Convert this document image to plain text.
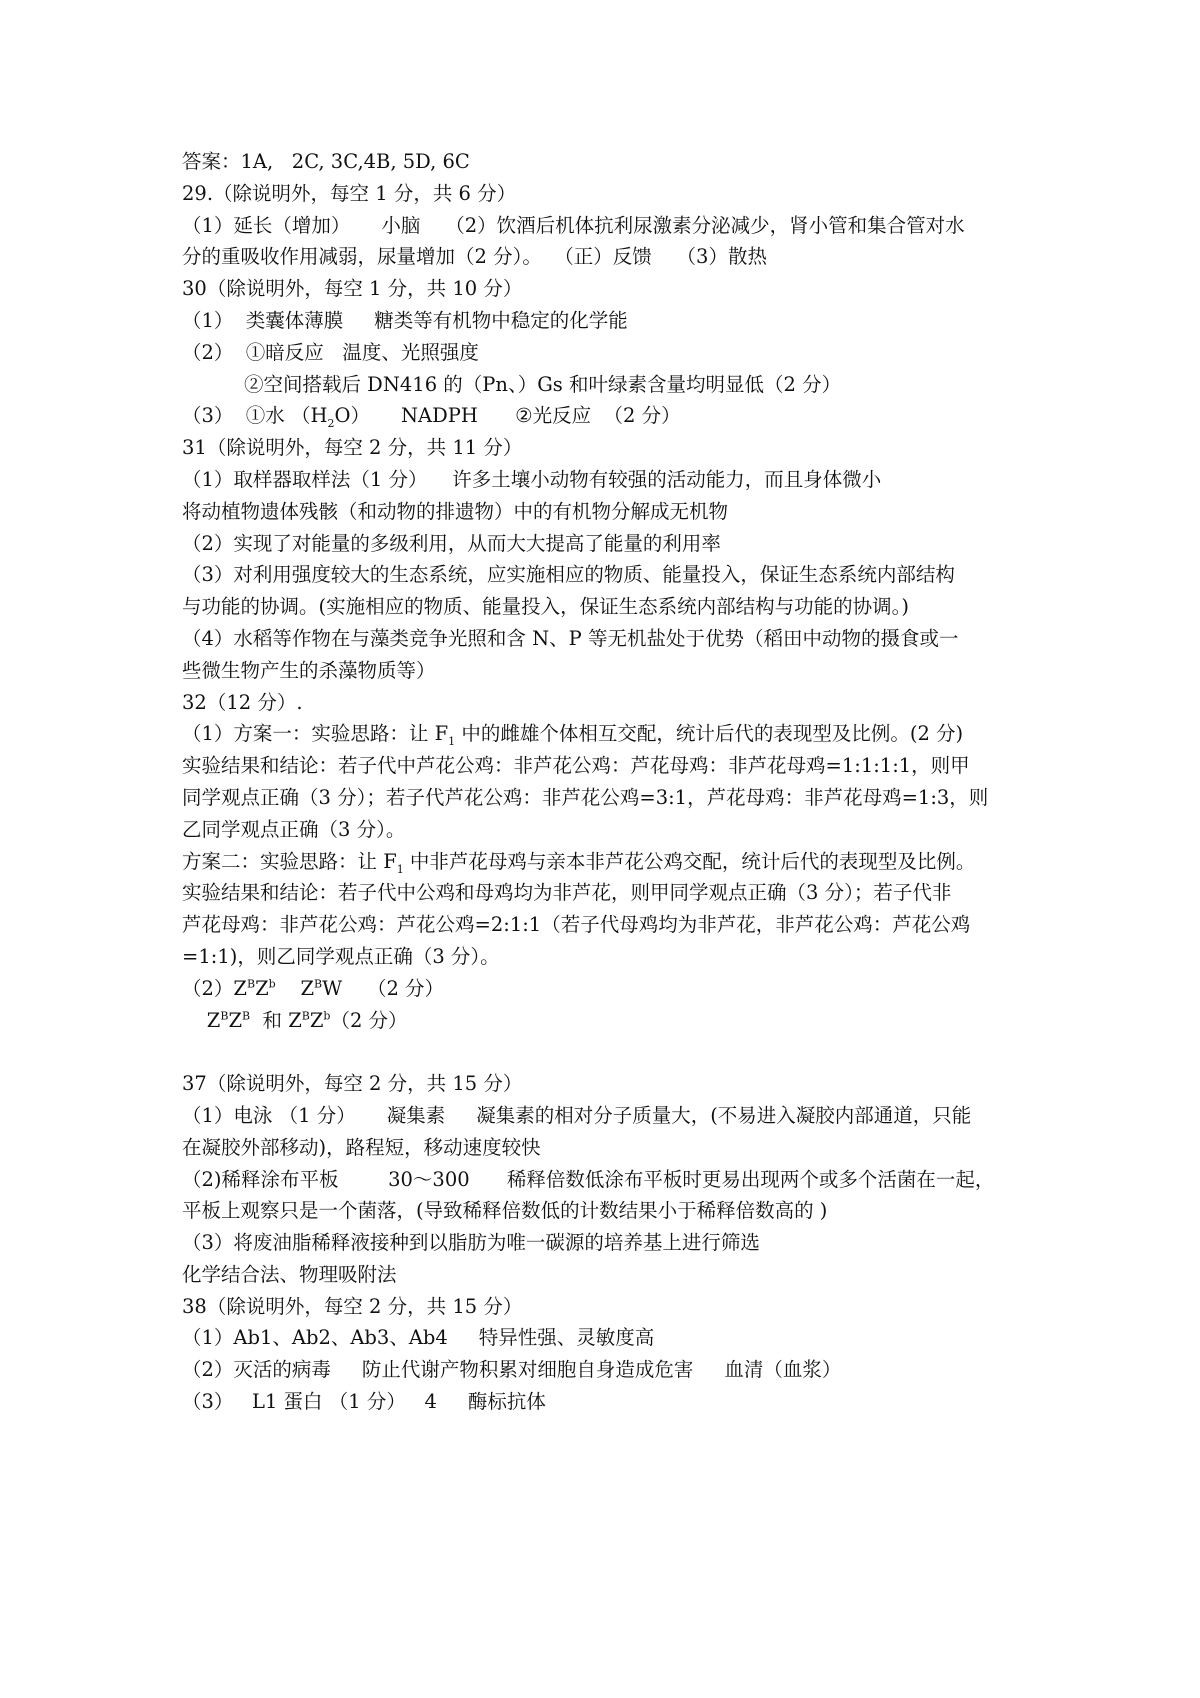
答案：1A,   2C, 3C,4B, 5D, 6C
29.（除说明外，每空 1 分，共 6 分）
（1）延长（增加）     小脑    （2）饮酒后机体抗利尿激素分泌减少，肾小管和集合管对水
分的重吸收作用减弱，尿量增加（2 分）。  （正）反馈    （3）散热
30（除说明外，每空 1 分，共 10 分）
（1）  类囊体薄膜     糖类等有机物中稳定的化学能
（2）  ①暗反应   温度、光照强度
②空间搭载后 DN416 的（Pn、）Gs 和叶绿素含量均明显低（2 分）
（3）  ①水 $(H_2O)$     NADPH      ②光反应  （2 分）
31（除说明外，每空 2 分，共 11 分）
（1）取样器取样法（1 分）    许多土壤小动物有较强的活动能力，而且身体微小
将动植物遗体残骸（和动物的排遗物）中的有机物分解成无机物
（2）实现了对能量的多级利用，从而大大提高了能量的利用率
（3）对利用强度较大的生态系统，应实施相应的物质、能量投入，保证生态系统内部结构
与功能的协调。(实施相应的物质、能量投入，保证生态系统内部结构与功能的协调。)
（4）水稻等作物在与藻类竞争光照和含 N、P 等无机盐处于优势（稻田中动物的摄食或一
些微生物产生的杀藻物质等）
32（12 分）.
（1）方案一：实验思路：让 $F_1$ 中的雌雄个体相互交配，统计后代的表现型及比例。(2 分)
实验结果和结论：若子代中芦花公鸡：非芦花公鸡：芦花母鸡：非芦花母鸡=1:1:1:1，则甲
同学观点正确（3 分）；若子代芦花公鸡：非芦花公鸡=3:1，芦花母鸡：非芦花母鸡=1:3，则
乙同学观点正确（3 分）。
方案二：实验思路：让 $F_1$ 中非芦花母鸡与亲本非芦花公鸡交配，统计后代的表现型及比例。
实验结果和结论：若子代中公鸡和母鸡均为非芦花，则甲同学观点正确（3 分）；若子代非
芦花母鸡：非芦花公鸡：芦花公鸡=2:1:1（若子代母鸡均为非芦花，非芦花公鸡：芦花公鸡
=1:1)，则乙同学观点正确（3 分）。
$(2)Z^BZ^b$    $Z^BW$    （2 分）
$Z^BZ^B$  和 $Z^BZ^b(2$ 分）
37（除说明外，每空 2 分，共 15 分）
（1）电泳 （1 分）     凝集素     凝集素的相对分子质量大，(不易进入凝胶内部通道，只能
在凝胶外部移动)，路程短，移动速度较快
（2)稀释涂布平板        30～300      稀释倍数低涂布平板时更易出现两个或多个活菌在一起，
平板上观察只是一个菌落，(导致稀释倍数低的计数结果小于稀释倍数高的 )
（3）将废油脂稀释液接种到以脂肪为唯一碳源的培养基上进行筛选
化学结合法、物理吸附法
38（除说明外，每空 2 分，共 15 分）
（1）Ab1、Ab2、Ab3、Ab4     特异性强、灵敏度高
（2）灭活的病毒     防止代谢产物积累对细胞自身造成危害     血清（血浆）
（3）   L1 蛋白 （1 分）   4     酶标抗体
